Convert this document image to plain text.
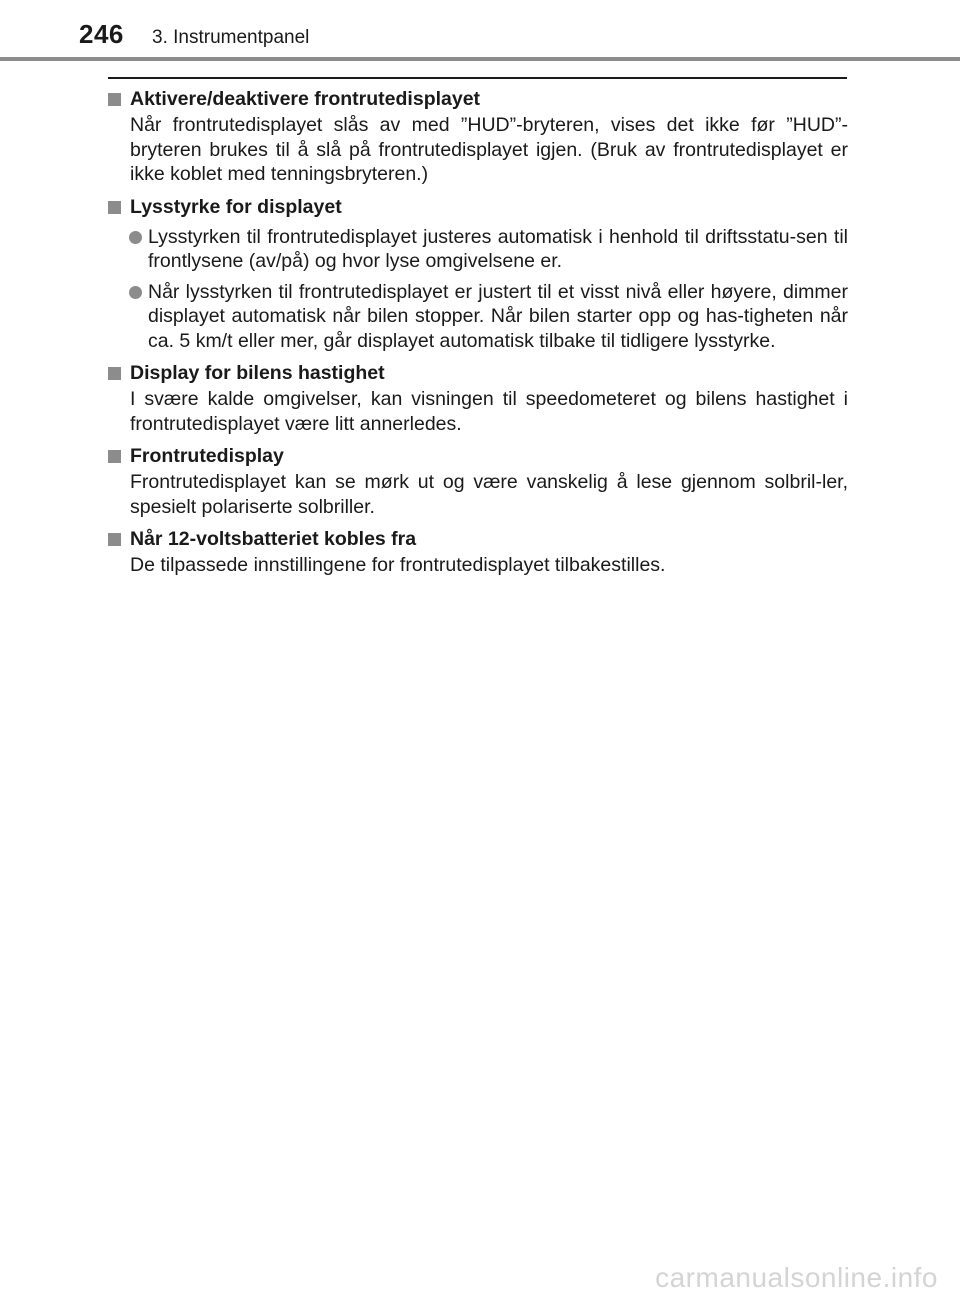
246 3. Instrumentpanel
Aktivere/deaktivere frontrutedisplayet
Når frontrutedisplayet slås av med ”HUD”-bryteren, vises det ikke før ”HUD”-bryteren brukes til å slå på frontrutedisplayet igjen. (Bruk av frontrutedisplayet er ikke koblet med tenningsbryteren.)
Lysstyrke for displayet
Lysstyrken til frontrutedisplayet justeres automatisk i henhold til driftsstatu-sen til frontlysene (av/på) og hvor lyse omgivelsene er.
Når lysstyrken til frontrutedisplayet er justert til et visst nivå eller høyere, dimmer displayet automatisk når bilen stopper. Når bilen starter opp og has-tigheten når ca. 5 km/t eller mer, går displayet automatisk tilbake til tidligere lysstyrke.
Display for bilens hastighet
I svære kalde omgivelser, kan visningen til speedometeret og bilens hastighet i frontrutedisplayet være litt annerledes.
Frontrutedisplay
Frontrutedisplayet kan se mørk ut og være vanskelig å lese gjennom solbril-ler, spesielt polariserte solbriller.
Når 12-voltsbatteriet kobles fra
De tilpassede innstillingene for frontrutedisplayet tilbakestilles.
carmanualsonline.info
